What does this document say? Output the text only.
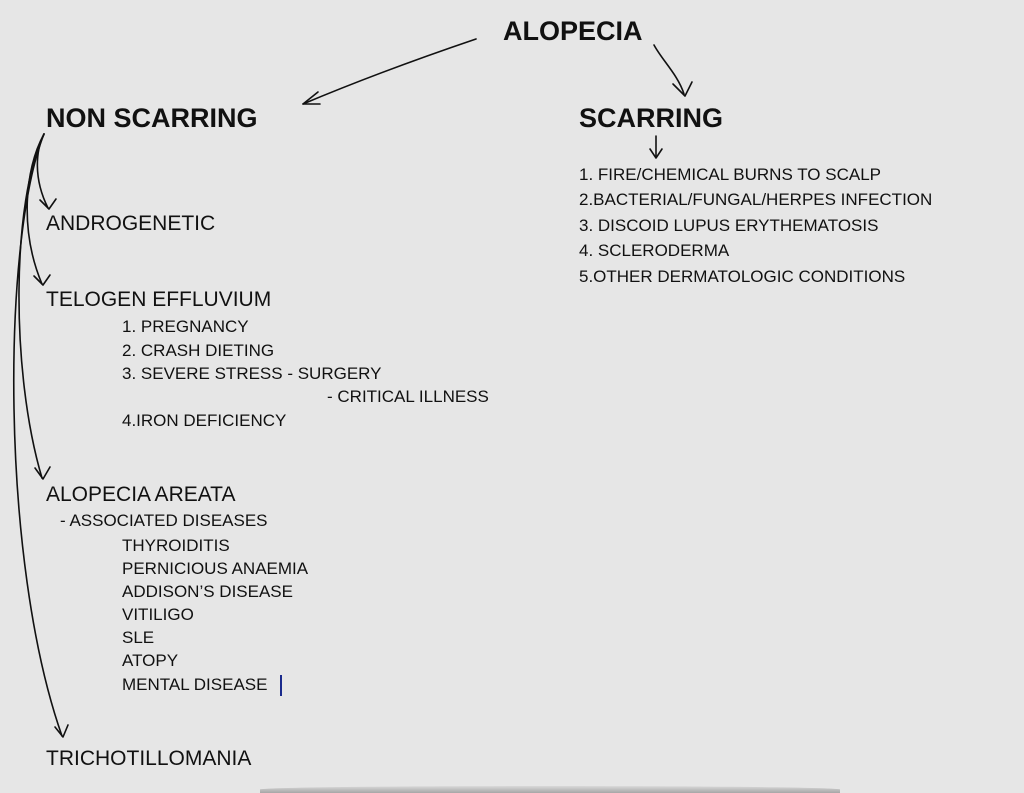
ALOPECIA
NON SCARRING	SCARRING
1. FIRE/CHEMICAL BURNS TO SCALP
2.BACTERIAL/FUNGAL/HERPES INFECTION
3. DISCOID LUPUS ERYTHEMATOSIS
4. SCLERODERMA
5.OTHER DERMATOLOGIC CONDITIONS
ANDROGENETIC
TELOGEN EFFLUVIUM
1. PREGNANCY
2. CRASH DIETING
3. SEVERE STRESS - SURGERY
- CRITICAL ILLNESS
4.IRON DEFICIENCY
ALOPECIA AREATA
- ASSOCIATED DISEASES
THYROIDITIS
PERNICIOUS ANAEMIA
ADDISON’S DISEASE
VITILIGO
SLE
ATOPY
MENTAL DISEASE
TRICHOTILLOMANIA
